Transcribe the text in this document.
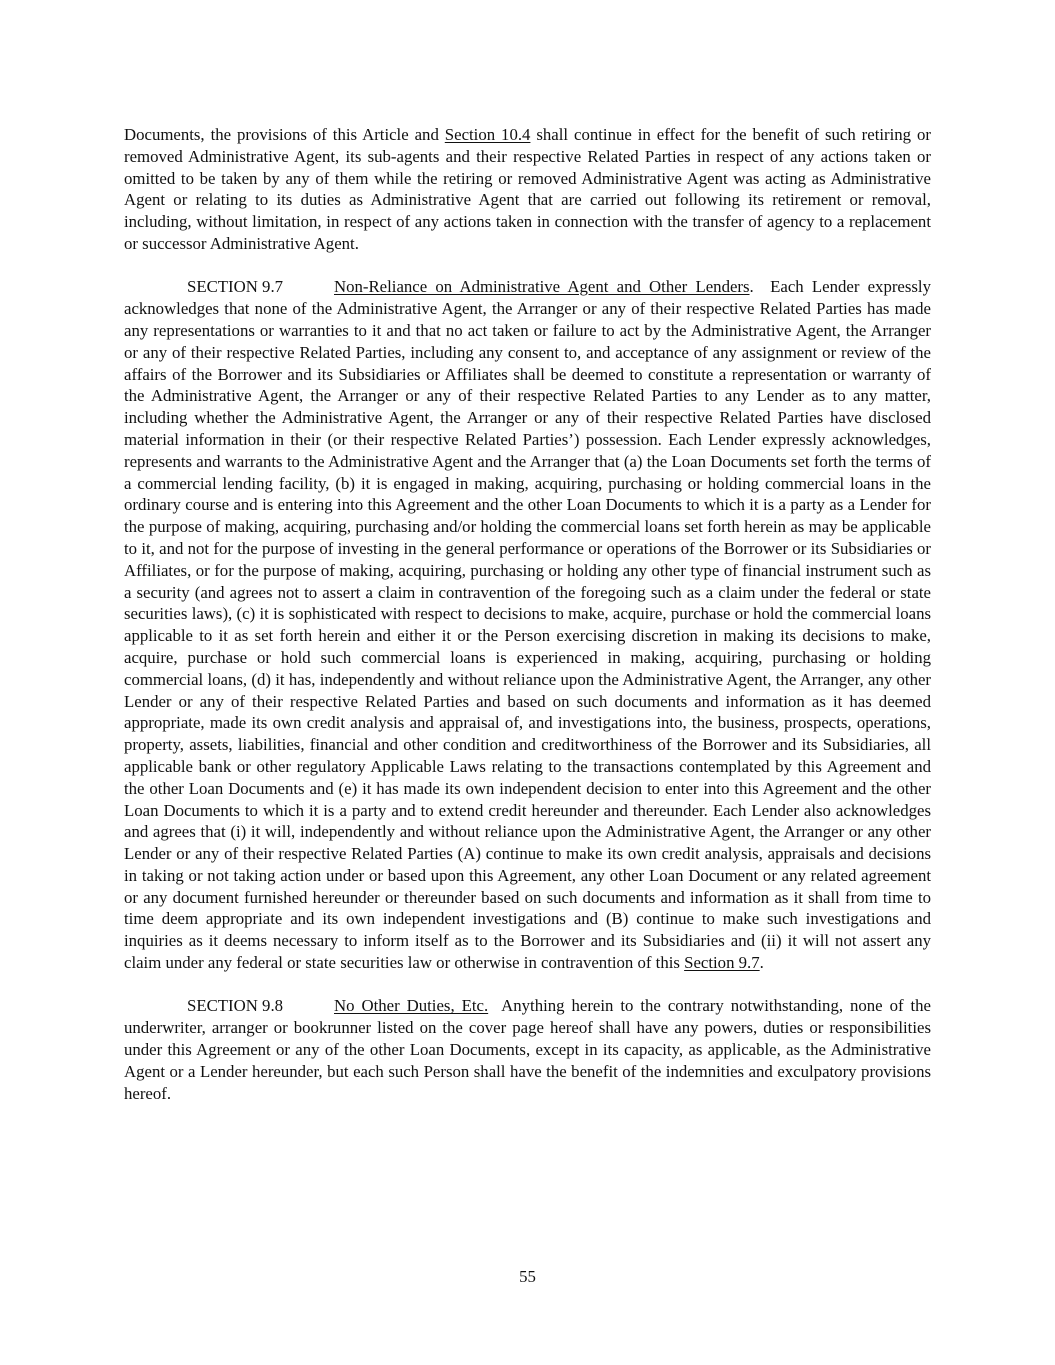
Documents, the provisions of this Article and Section 10.4 shall continue in effect for the benefit of such retiring or removed Administrative Agent, its sub-agents and their respective Related Parties in respect of any actions taken or omitted to be taken by any of them while the retiring or removed Administrative Agent was acting as Administrative Agent or relating to its duties as Administrative Agent that are carried out following its retirement or removal, including, without limitation, in respect of any actions taken in connection with the transfer of agency to a replacement or successor Administrative Agent.

SECTION 9.7	Non-Reliance on Administrative Agent and Other Lenders.  Each Lender expressly acknowledges that none of the Administrative Agent, the Arranger or any of their respective Related Parties has made any representations or warranties to it and that no act taken or failure to act by the Administrative Agent, the Arranger or any of their respective Related Parties, including any consent to, and acceptance of any assignment or review of the affairs of the Borrower and its Subsidiaries or Affiliates shall be deemed to constitute a representation or warranty of the Administrative Agent, the Arranger or any of their respective Related Parties to any Lender as to any matter, including whether the Administrative Agent, the Arranger or any of their respective Related Parties have disclosed material information in their (or their respective Related Parties’) possession. Each Lender expressly acknowledges, represents and warrants to the Administrative Agent and the Arranger that (a) the Loan Documents set forth the terms of a commercial lending facility, (b) it is engaged in making, acquiring, purchasing or holding commercial loans in the ordinary course and is entering into this Agreement and the other Loan Documents to which it is a party as a Lender for the purpose of making, acquiring, purchasing and/or holding the commercial loans set forth herein as may be applicable to it, and not for the purpose of investing in the general performance or operations of the Borrower or its Subsidiaries or Affiliates, or for the purpose of making, acquiring, purchasing or holding any other type of financial instrument such as a security (and agrees not to assert a claim in contravention of the foregoing such as a claim under the federal or state securities laws), (c) it is sophisticated with respect to decisions to make, acquire, purchase or hold the commercial loans applicable to it as set forth herein and either it or the Person exercising discretion in making its decisions to make, acquire, purchase or hold such commercial loans is experienced in making, acquiring, purchasing or holding commercial loans, (d) it has, independently and without reliance upon the Administrative Agent, the Arranger, any other Lender or any of their respective Related Parties and based on such documents and information as it has deemed appropriate, made its own credit analysis and appraisal of, and investigations into, the business, prospects, operations, property, assets, liabilities, financial and other condition and creditworthiness of the Borrower and its Subsidiaries, all applicable bank or other regulatory Applicable Laws relating to the transactions contemplated by this Agreement and the other Loan Documents and (e) it has made its own independent decision to enter into this Agreement and the other Loan Documents to which it is a party and to extend credit hereunder and thereunder. Each Lender also acknowledges and agrees that (i) it will, independently and without reliance upon the Administrative Agent, the Arranger or any other Lender or any of their respective Related Parties (A) continue to make its own credit analysis, appraisals and decisions in taking or not taking action under or based upon this Agreement, any other Loan Document or any related agreement or any document furnished hereunder or thereunder based on such documents and information as it shall from time to time deem appropriate and its own independent investigations and (B) continue to make such investigations and inquiries as it deems necessary to inform itself as to the Borrower and its Subsidiaries and (ii) it will not assert any claim under any federal or state securities law or otherwise in contravention of this Section 9.7.

SECTION 9.8	No Other Duties, Etc. Anything herein to the contrary notwithstanding, none of the underwriter, arranger or bookrunner listed on the cover page hereof shall have any powers, duties or responsibilities under this Agreement or any of the other Loan Documents, except in its capacity, as applicable, as the Administrative Agent or a Lender hereunder, but each such Person shall have the benefit of the indemnities and exculpatory provisions hereof.

55
